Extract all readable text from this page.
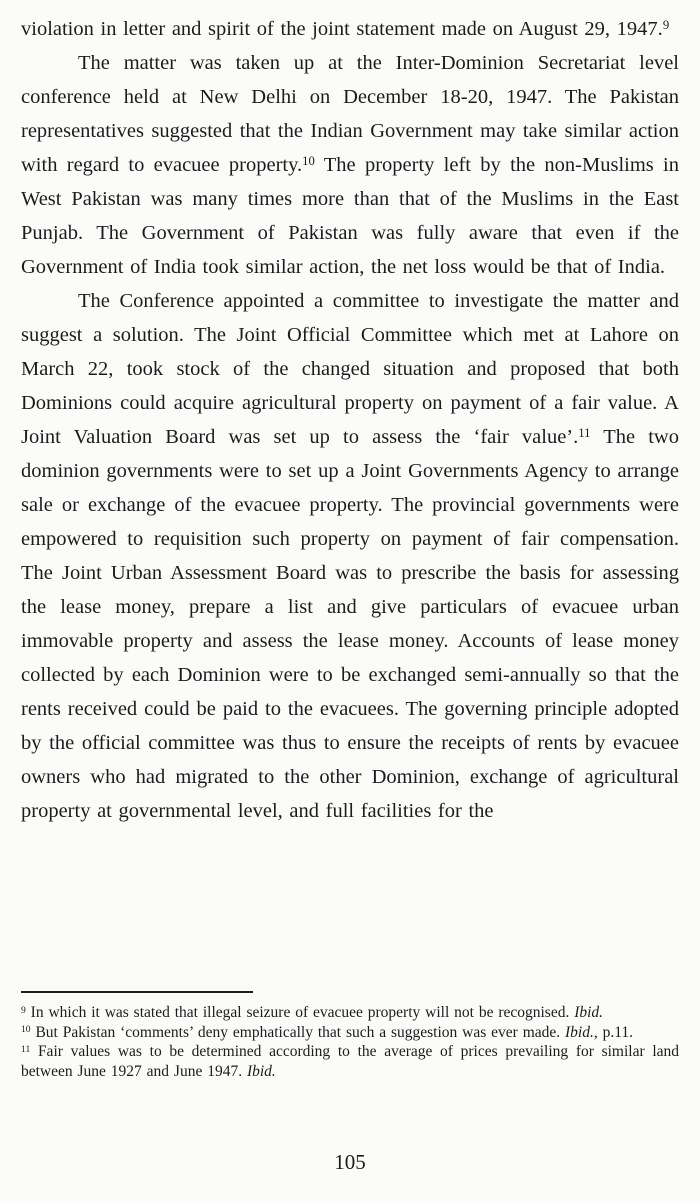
violation in letter and spirit of the joint statement made on August 29, 1947.$^9$

The matter was taken up at the Inter-Dominion Secretariat level conference held at New Delhi on December 18-20, 1947. The Pakistan representatives suggested that the Indian Government may take similar action with regard to evacuee property.$^{10}$ The property left by the non-Muslims in West Pakistan was many times more than that of the Muslims in the East Punjab. The Government of Pakistan was fully aware that even if the Government of India took similar action, the net loss would be that of India.

The Conference appointed a committee to investigate the matter and suggest a solution. The Joint Official Committee which met at Lahore on March 22, took stock of the changed situation and proposed that both Dominions could acquire agricultural property on payment of a fair value. A Joint Valuation Board was set up to assess the ‘fair value’.$^{11}$ The two dominion governments were to set up a Joint Governments Agency to arrange sale or exchange of the evacuee property. The provincial governments were empowered to requisition such property on payment of fair compensation. The Joint Urban Assessment Board was to prescribe the basis for assessing the lease money, prepare a list and give particulars of evacuee urban immovable property and assess the lease money. Accounts of lease money collected by each Dominion were to be exchanged semi-annually so that the rents received could be paid to the evacuees. The governing principle adopted by the official committee was thus to ensure the receipts of rents by evacuee owners who had migrated to the other Dominion, exchange of agricultural property at governmental level, and full facilities for the

$^9$ In which it was stated that illegal seizure of evacuee property will not be recognised. Ibid.

$^{10}$ But Pakistan ‘comments’ deny emphatically that such a suggestion was ever made. Ibid., p.11.

$^{11}$ Fair values was to be determined according to the average of prices prevailing for similar land between June 1927 and June 1947. Ibid.

105
